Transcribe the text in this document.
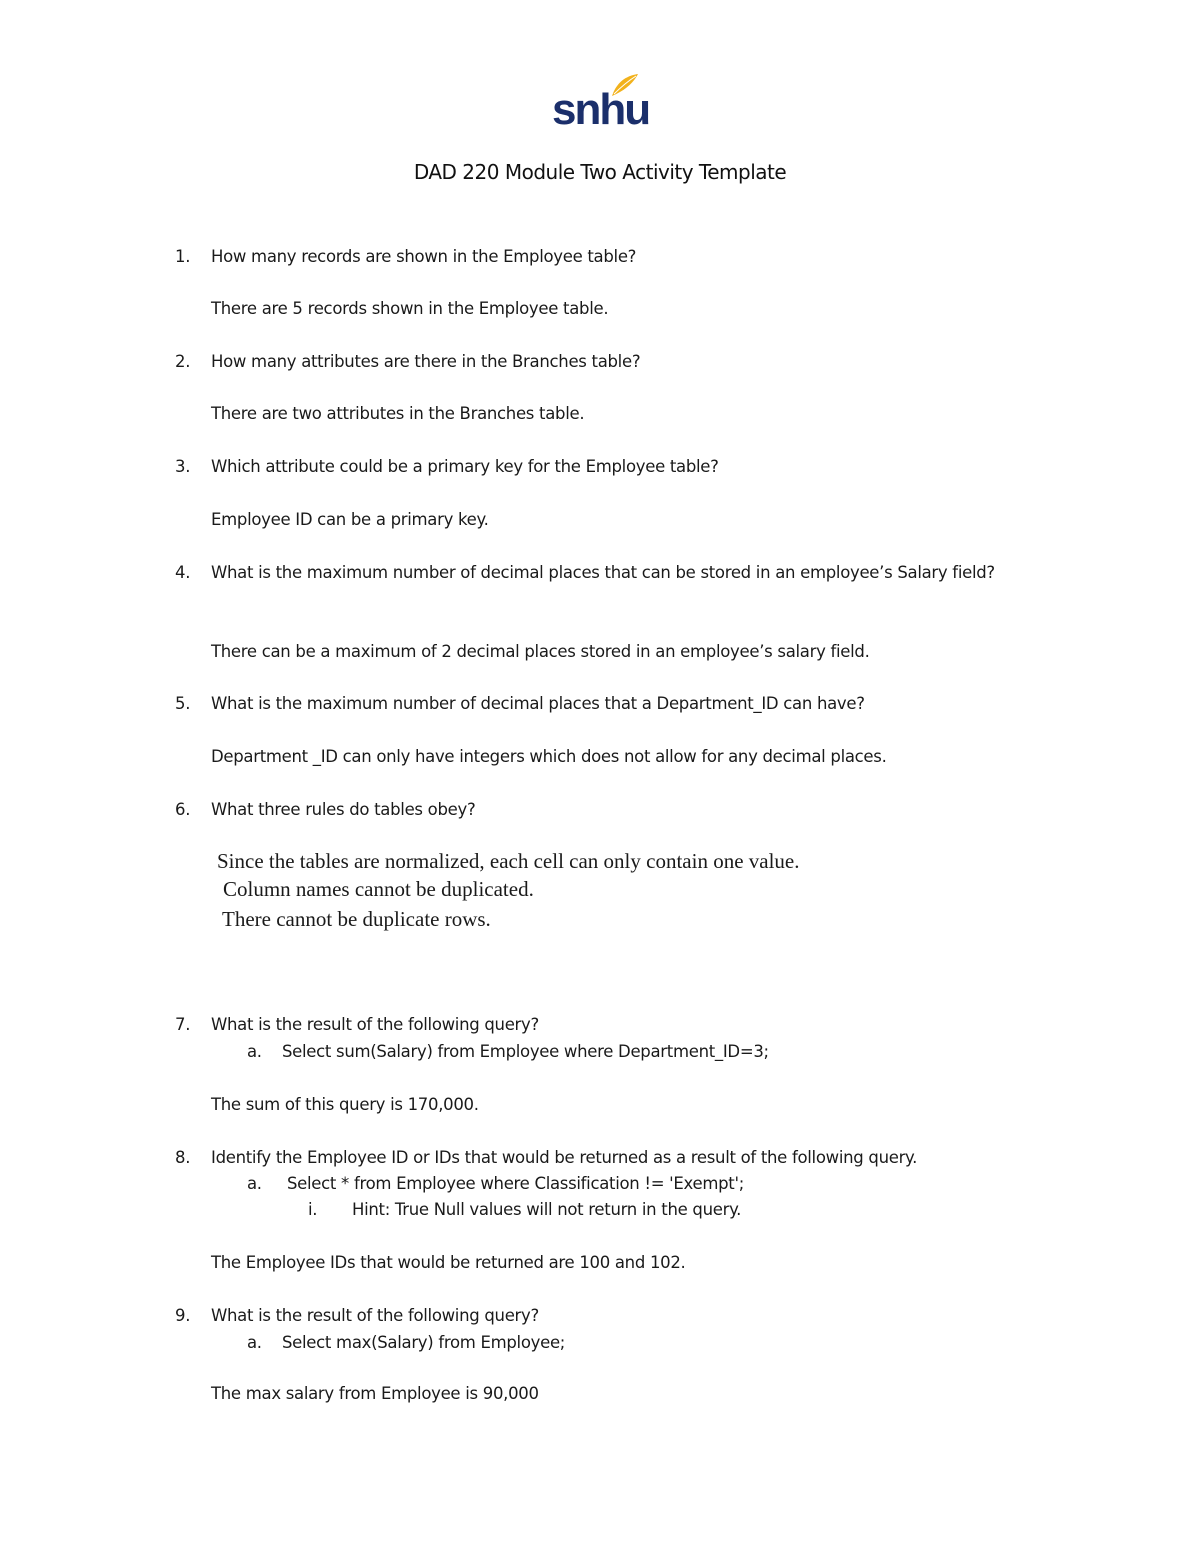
snhu
DAD 220 Module Two Activity Template
1. How many records are shown in the Employee table?
There are 5 records shown in the Employee table.
2. How many attributes are there in the Branches table?
There are two attributes in the Branches table.
3. Which attribute could be a primary key for the Employee table?
Employee ID can be a primary key.
4. What is the maximum number of decimal places that can be stored in an employee’s Salary field?
There can be a maximum of 2 decimal places stored in an employee’s salary field.
5. What is the maximum number of decimal places that a Department_ID can have?
Department _ID can only have integers which does not allow for any decimal places.
6. What three rules do tables obey?
Since the tables are normalized, each cell can only contain one value.
Column names cannot be duplicated.
There cannot be duplicate rows.
7. What is the result of the following query?
a. Select sum(Salary) from Employee where Department_ID=3;
The sum of this query is 170,000.
8. Identify the Employee ID or IDs that would be returned as a result of the following query.
a. Select * from Employee where Classification != 'Exempt';
i. Hint: True Null values will not return in the query.
The Employee IDs that would be returned are 100 and 102.
9. What is the result of the following query?
a. Select max(Salary) from Employee;
The max salary from Employee is 90,000
